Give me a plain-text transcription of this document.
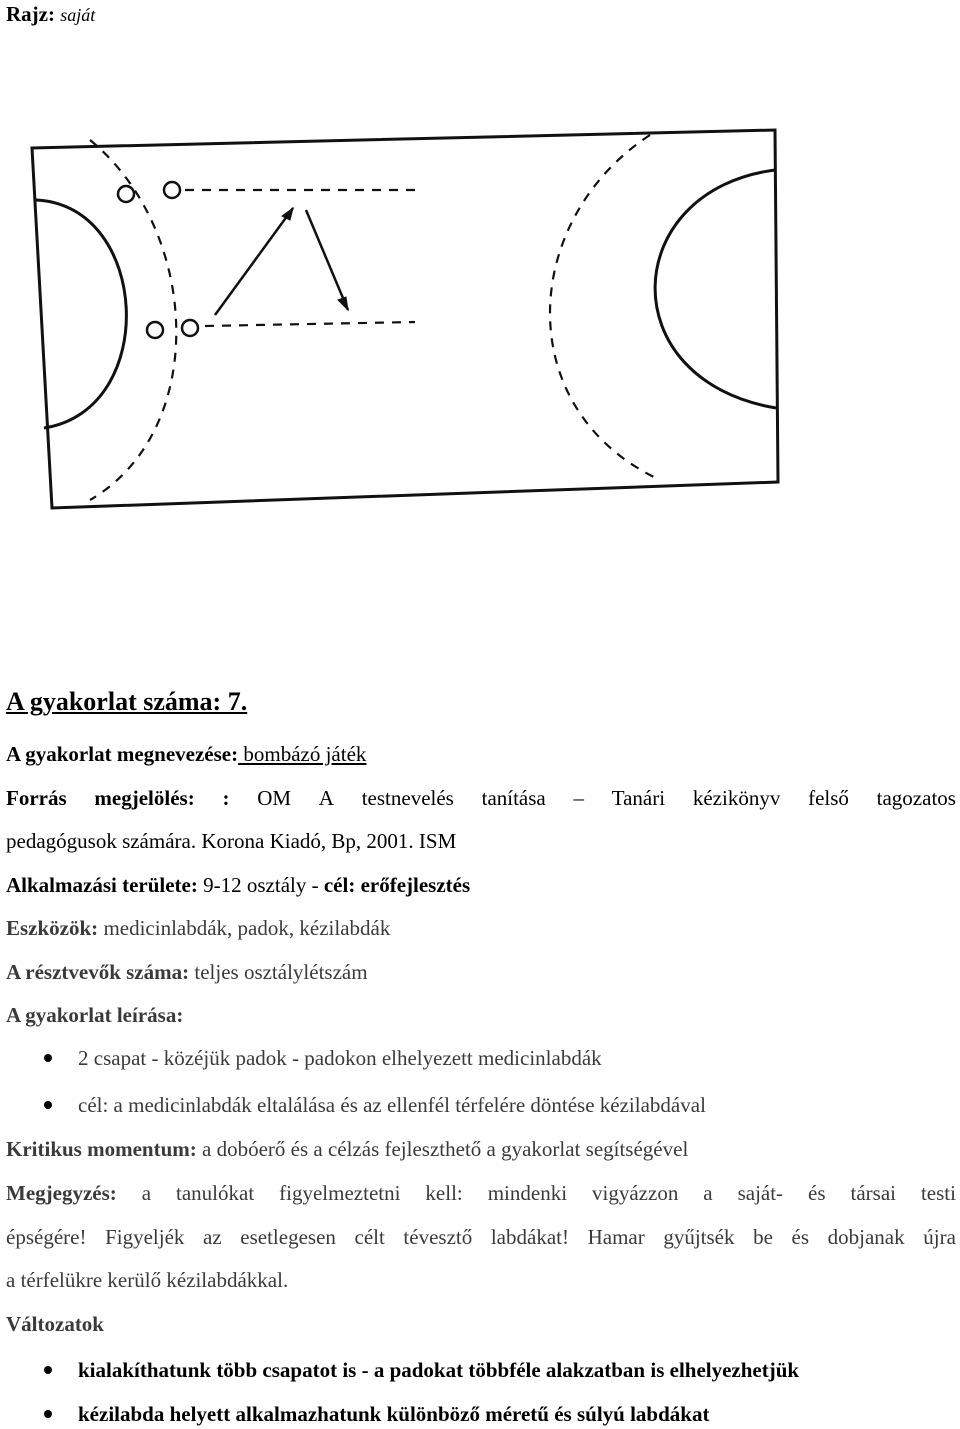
Rajz: saját
A gyakorlat száma: 7.
A gyakorlat megnevezése: bombázó játék
Forrás megjelölés: : OM A testnevelés tanítása – Tanári kézikönyv felső tagozatos
pedagógusok számára. Korona Kiadó, Bp, 2001. ISM
Alkalmazási területe: 9-12 osztály - cél: erőfejlesztés
Eszközök: medicinlabdák, padok, kézilabdák
A résztvevők száma: teljes osztálylétszám
A gyakorlat leírása:
2 csapat - közéjük padok - padokon elhelyezett medicinlabdák
cél: a medicinlabdák eltalálása és az ellenfél térfelére döntése kézilabdával
Kritikus momentum: a dobóerő és a célzás fejleszthető a gyakorlat segítségével
Megjegyzés: a tanulókat figyelmeztetni kell: mindenki vigyázzon a saját- és társai testi
épségére! Figyeljék az esetlegesen célt tévesztő labdákat! Hamar gyűjtsék be és dobjanak újra
a térfelükre kerülő kézilabdákkal.
Változatok
kialakíthatunk több csapatot is - a padokat többféle alakzatban is elhelyezhetjük
kézilabda helyett alkalmazhatunk különböző méretű és súlyú labdákat
